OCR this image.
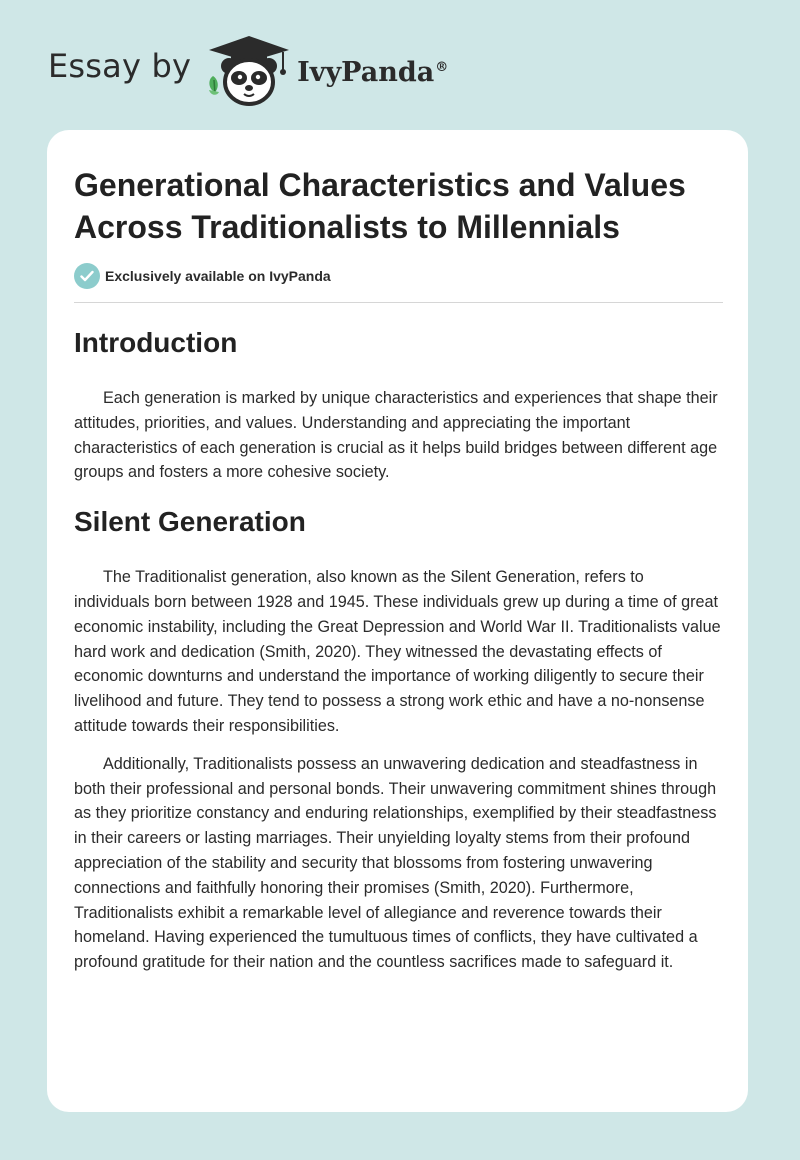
Essay by	IvyPanda®
Generational Characteristics and Values Across Traditionalists to Millennials
Exclusively available on IvyPanda
Introduction

Each generation is marked by unique characteristics and experiences that shape their attitudes, priorities, and values. Understanding and appreciating the important characteristics of each generation is crucial as it helps build bridges between different age groups and fosters a more cohesive society.

Silent Generation

The Traditionalist generation, also known as the Silent Generation, refers to individuals born between 1928 and 1945. These individuals grew up during a time of great economic instability, including the Great Depression and World War II. Traditionalists value hard work and dedication (Smith, 2020). They witnessed the devastating effects of economic downturns and understand the importance of working diligently to secure their livelihood and future. They tend to possess a strong work ethic and have a no-nonsense attitude towards their responsibilities.

Additionally, Traditionalists possess an unwavering dedication and steadfastness in both their professional and personal bonds. Their unwavering commitment shines through as they prioritize constancy and enduring relationships, exemplified by their steadfastness in their careers or lasting marriages. Their unyielding loyalty stems from their profound appreciation of the stability and security that blossoms from fostering unwavering connections and faithfully honoring their promises (Smith, 2020). Furthermore, Traditionalists exhibit a remarkable level of allegiance and reverence towards their homeland. Having experienced the tumultuous times of conflicts, they have cultivated a profound gratitude for their nation and the countless sacrifices made to safeguard it.
